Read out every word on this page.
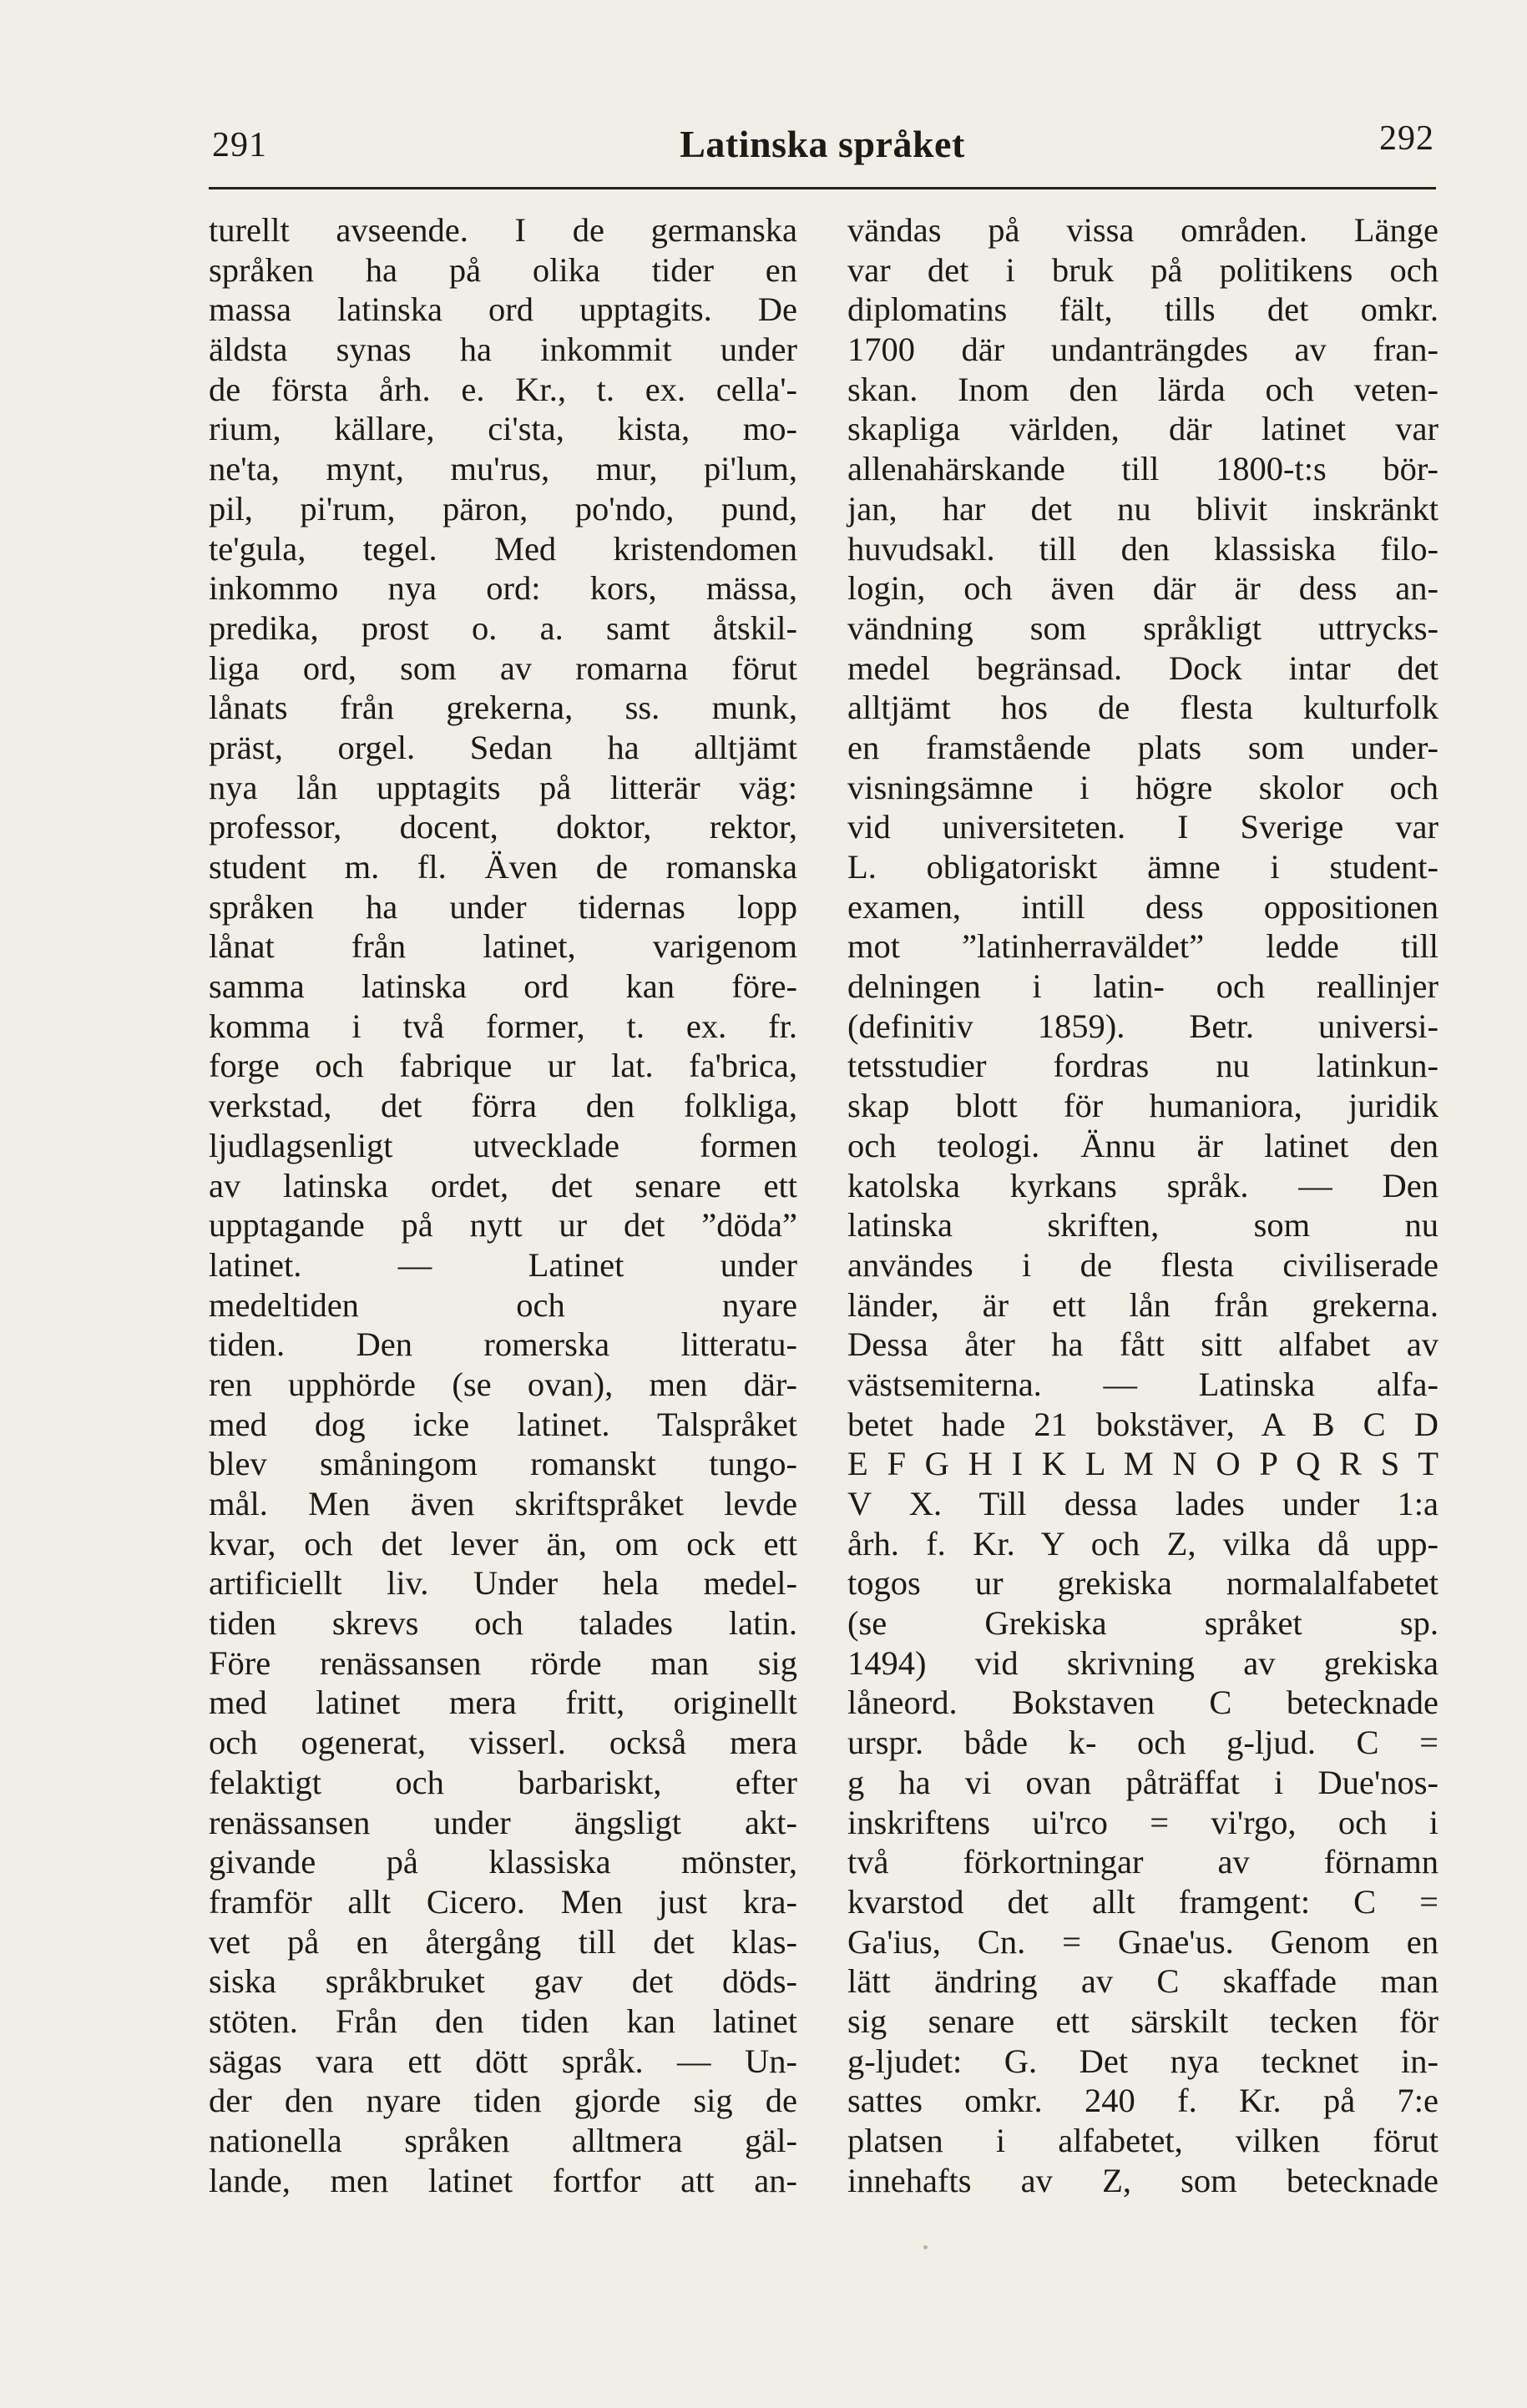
291	Latinska språket	292
turellt avseende. I de germanska
språken ha på olika tider en
massa latinska ord upptagits. De
äldsta synas ha inkommit under
de första årh. e. Kr., t. ex. cella'-
rium, källare, ci'sta, kista, mo-
ne'ta, mynt, mu'rus, mur, pi'lum,
pil, pi'rum, päron, po'ndo, pund,
te'gula, tegel. Med kristendomen
inkommo nya ord: kors, mässa,
predika, prost o. a. samt åtskil-
liga ord, som av romarna förut
lånats från grekerna, ss. munk,
präst, orgel. Sedan ha alltjämt
nya lån upptagits på litterär väg:
professor, docent, doktor, rektor,
student m. fl. Även de romanska
språken ha under tidernas lopp
lånat från latinet, varigenom
samma latinska ord kan före-
komma i två former, t. ex. fr.
forge och fabrique ur lat. fa'brica,
verkstad, det förra den folkliga,
ljudlagsenligt utvecklade formen
av latinska ordet, det senare ett
upptagande på nytt ur det ”döda”
latinet. — Latinet under
medeltiden och nyare
tiden. Den romerska litteratu-
ren upphörde (se ovan), men där-
med dog icke latinet. Talspråket
blev småningom romanskt tungo-
mål. Men även skriftspråket levde
kvar, och det lever än, om ock ett
artificiellt liv. Under hela medel-
tiden skrevs och talades latin.
Före renässansen rörde man sig
med latinet mera fritt, originellt
och ogenerat, visserl. också mera
felaktigt och barbariskt, efter
renässansen under ängsligt akt-
givande på klassiska mönster,
framför allt Cicero. Men just kra-
vet på en återgång till det klas-
siska språkbruket gav det döds-
stöten. Från den tiden kan latinet
sägas vara ett dött språk. — Un-
der den nyare tiden gjorde sig de
nationella språken alltmera gäl-
lande, men latinet fortfor att an-
vändas på vissa områden. Länge
var det i bruk på politikens och
diplomatins fält, tills det omkr.
1700 där undanträngdes av fran-
skan. Inom den lärda och veten-
skapliga världen, där latinet var
allenahärskande till 1800-t:s bör-
jan, har det nu blivit inskränkt
huvudsakl. till den klassiska filo-
login, och även där är dess an-
vändning som språkligt uttrycks-
medel begränsad. Dock intar det
alltjämt hos de flesta kulturfolk
en framstående plats som under-
visningsämne i högre skolor och
vid universiteten. I Sverige var
L. obligatoriskt ämne i student-
examen, intill dess oppositionen
mot ”latinherraväldet” ledde till
delningen i latin- och reallinjer
(definitiv 1859). Betr. universi-
tetsstudier fordras nu latinkun-
skap blott för humaniora, juridik
och teologi. Ännu är latinet den
katolska kyrkans språk. — Den
latinska skriften, som nu
användes i de flesta civiliserade
länder, är ett lån från grekerna.
Dessa åter ha fått sitt alfabet av
västsemiterna. — Latinska alfa-
betet hade 21 bokstäver, A B C D
E F G H I K L M N O P Q R S T
V X. Till dessa lades under 1:a
årh. f. Kr. Y och Z, vilka då upp-
togos ur grekiska normalalfabetet
(se Grekiska språket sp.
1494) vid skrivning av grekiska
låneord. Bokstaven C betecknade
urspr. både k- och g-ljud. C =
g ha vi ovan påträffat i Due'nos-
inskriftens ui'rco = vi'rgo, och i
två förkortningar av förnamn
kvarstod det allt framgent: C =
Ga'ius, Cn. = Gnae'us. Genom en
lätt ändring av C skaffade man
sig senare ett särskilt tecken för
g-ljudet: G. Det nya tecknet in-
sattes omkr. 240 f. Kr. på 7:e
platsen i alfabetet, vilken förut
innehafts av Z, som betecknade
